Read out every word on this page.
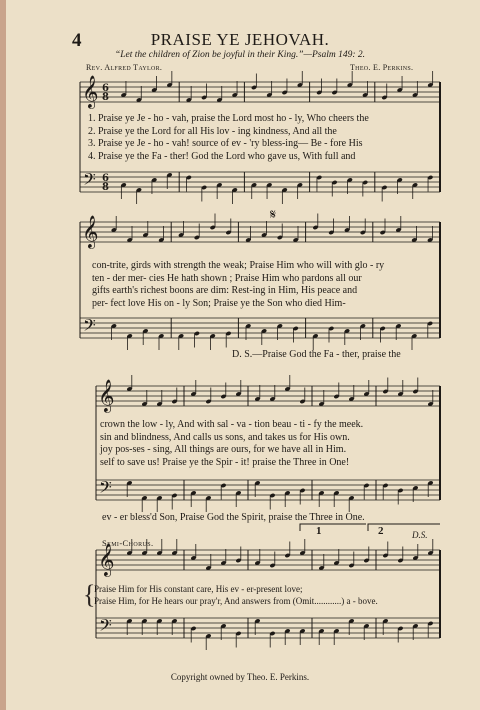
𝄞
𝄢
6
6
8
8
𝄞
𝄢
𝄞
𝄢
𝄞
𝄢
𝄋
4	PRAISE YE JEHOVAH.
“Let the children of Zion be joyful in their King.”—Psalm 149: 2.
Rev. Alfred Taylor.	Theo. E. Perkins.
1. Praise ye Je - ho - vah, praise the Lord most ho - ly, Who cheers the
2. Praise ye the Lord for all His lov - ing kindness, And all the
3. Praise ye Je - ho - vah! source of ev - 'ry bless-ing— Be - fore His
4. Praise ye the Fa - ther! God the Lord who gave us, With full and
con-trite, girds with strength the weak; Praise Him who will with glo - ry
ten - der mer- cies He hath shown ; Praise Him who pardons all our
gifts earth's richest boons are dim: Rest-ing in Him, His peace and
per- fect love His on - ly Son; Praise ye the Son who died Him-
D. S.—Praise God the Fa - ther, praise the
crown the low - ly, And with sal - va - tion beau - ti - fy the meek.
sin and blindness, And calls us sons, and takes us for His own.
joy pos-ses - sing, All things are ours, for we have all in Him.
self to save us! Praise ye the Spir - it! praise the Three in One!
ev - er bless'd Son, Praise God the Spirit, praise the Three in One.
Semi-Chorus.
1	2	D.S.
{
Praise Him for His constant care, His ev - er-present love;
Praise Him, for He hears our pray'r, And answers from (Omit............) a - bove.
Copyright owned by Theo. E. Perkins.
